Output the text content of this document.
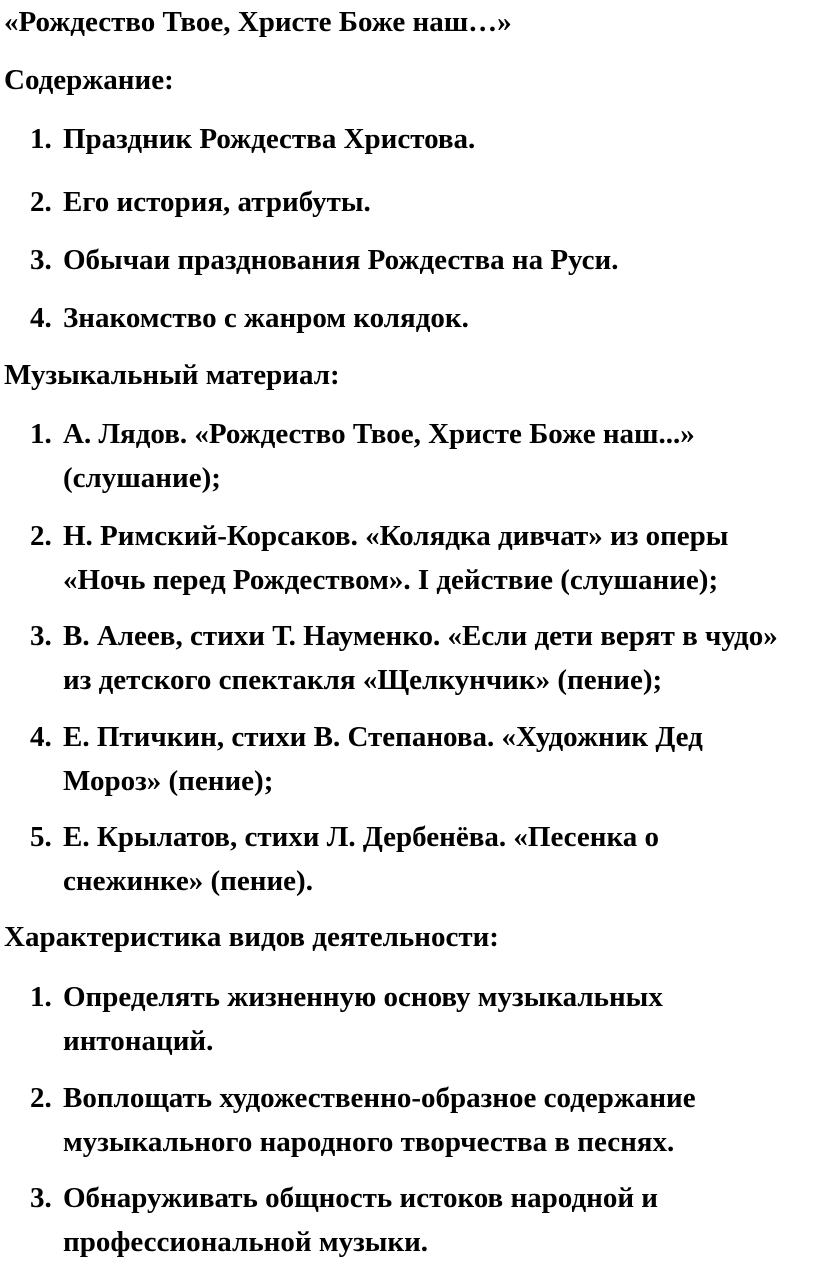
«Рождество Твое, Христе Боже наш…»
Содержание:
1. Праздник Рождества Христова.
2. Его история, атрибуты.
3. Обычаи празднования Рождества на Руси.
4. Знакомство с жанром колядок.
Музыкальный материал:
1. А. Лядов. «Рождество Твое, Христе Боже наш...» (слушание);
2. Н. Римский-Корсаков. «Колядка дивчат» из оперы «Ночь перед Рождеством». I действие (слушание);
3. В. Алеев, стихи Т. Науменко. «Если дети верят в чудо» из детского спектакля «Щелкунчик» (пение);
4. Е. Птичкин, стихи В. Степанова. «Художник Дед Мороз» (пение);
5. Е. Крылатов, стихи Л. Дербенёва. «Песенка о снежинке» (пение).
Характеристика видов деятельности:
1. Определять жизненную основу музыкальных интонаций.
2. Воплощать художественно-образное содержание музыкального народного творчества в песнях.
3. Обнаруживать общность истоков народной и профессиональной музыки.
